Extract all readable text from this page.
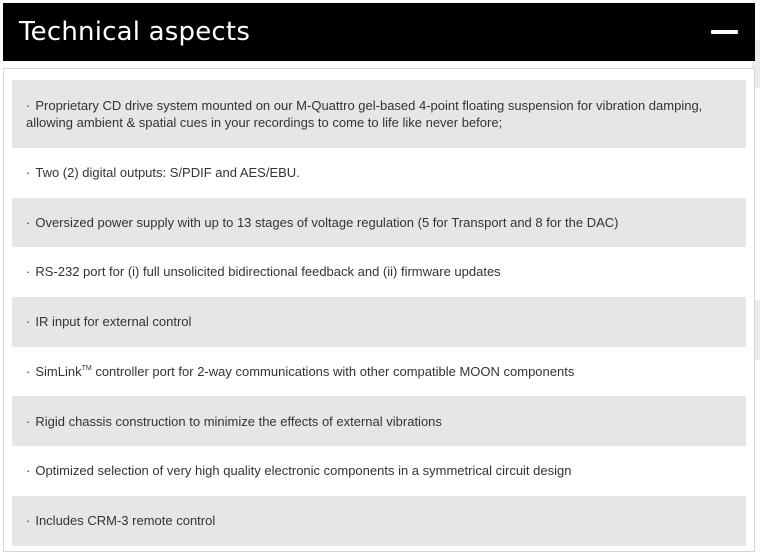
Technical aspects
· Proprietary CD drive system mounted on our M-Quattro gel-based 4-point floating suspension for vibration damping, allowing ambient & spatial cues in your recordings to come to life like never before;
· Two (2) digital outputs: S/PDIF and AES/EBU.
· Oversized power supply with up to 13 stages of voltage regulation (5 for Transport and 8 for the DAC)
· RS-232 port for (i) full unsolicited bidirectional feedback and (ii) firmware updates
· IR input for external control
· SimLink™ controller port for 2-way communications with other compatible MOON components
· Rigid chassis construction to minimize the effects of external vibrations
· Optimized selection of very high quality electronic components in a symmetrical circuit design
· Includes CRM-3 remote control
